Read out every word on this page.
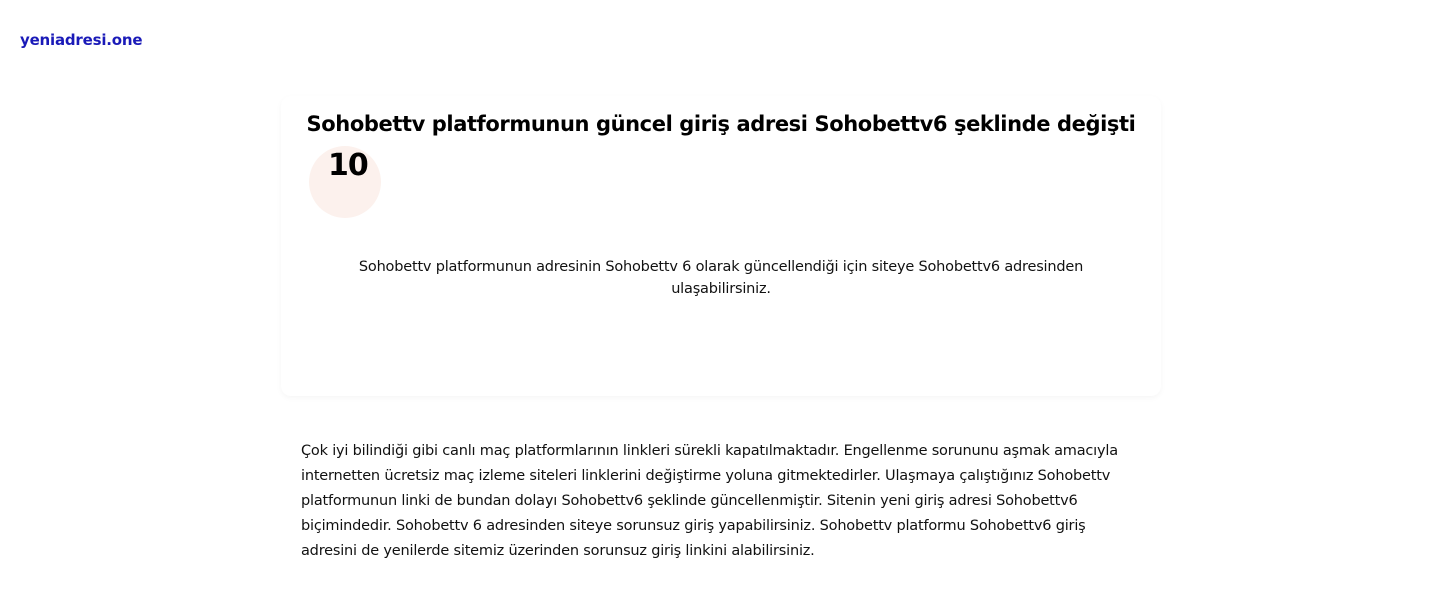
yeniadresi.one
Sohobettv platformunun güncel giriş adresi Sohobettv6 şeklinde değişti
10

Sohobettv platformunun adresinin Sohobettv 6 olarak güncellendiği için siteye Sohobettv6 adresinden ulaşabilirsiniz.

Çok iyi bilindiği gibi canlı maç platformlarının linkleri sürekli kapatılmaktadır. Engellenme sorununu aşmak amacıyla internetten ücretsiz maç izleme siteleri linklerini değiştirme yoluna gitmektedirler. Ulaşmaya çalıştığınız Sohobettv platformunun linki de bundan dolayı Sohobettv6 şeklinde güncellenmiştir. Sitenin yeni giriş adresi Sohobettv6 biçimindedir. Sohobettv 6 adresinden siteye sorunsuz giriş yapabilirsiniz. Sohobettv platformu Sohobettv6 giriş adresini de yenilerde sitemiz üzerinden sorunsuz giriş linkini alabilirsiniz.
